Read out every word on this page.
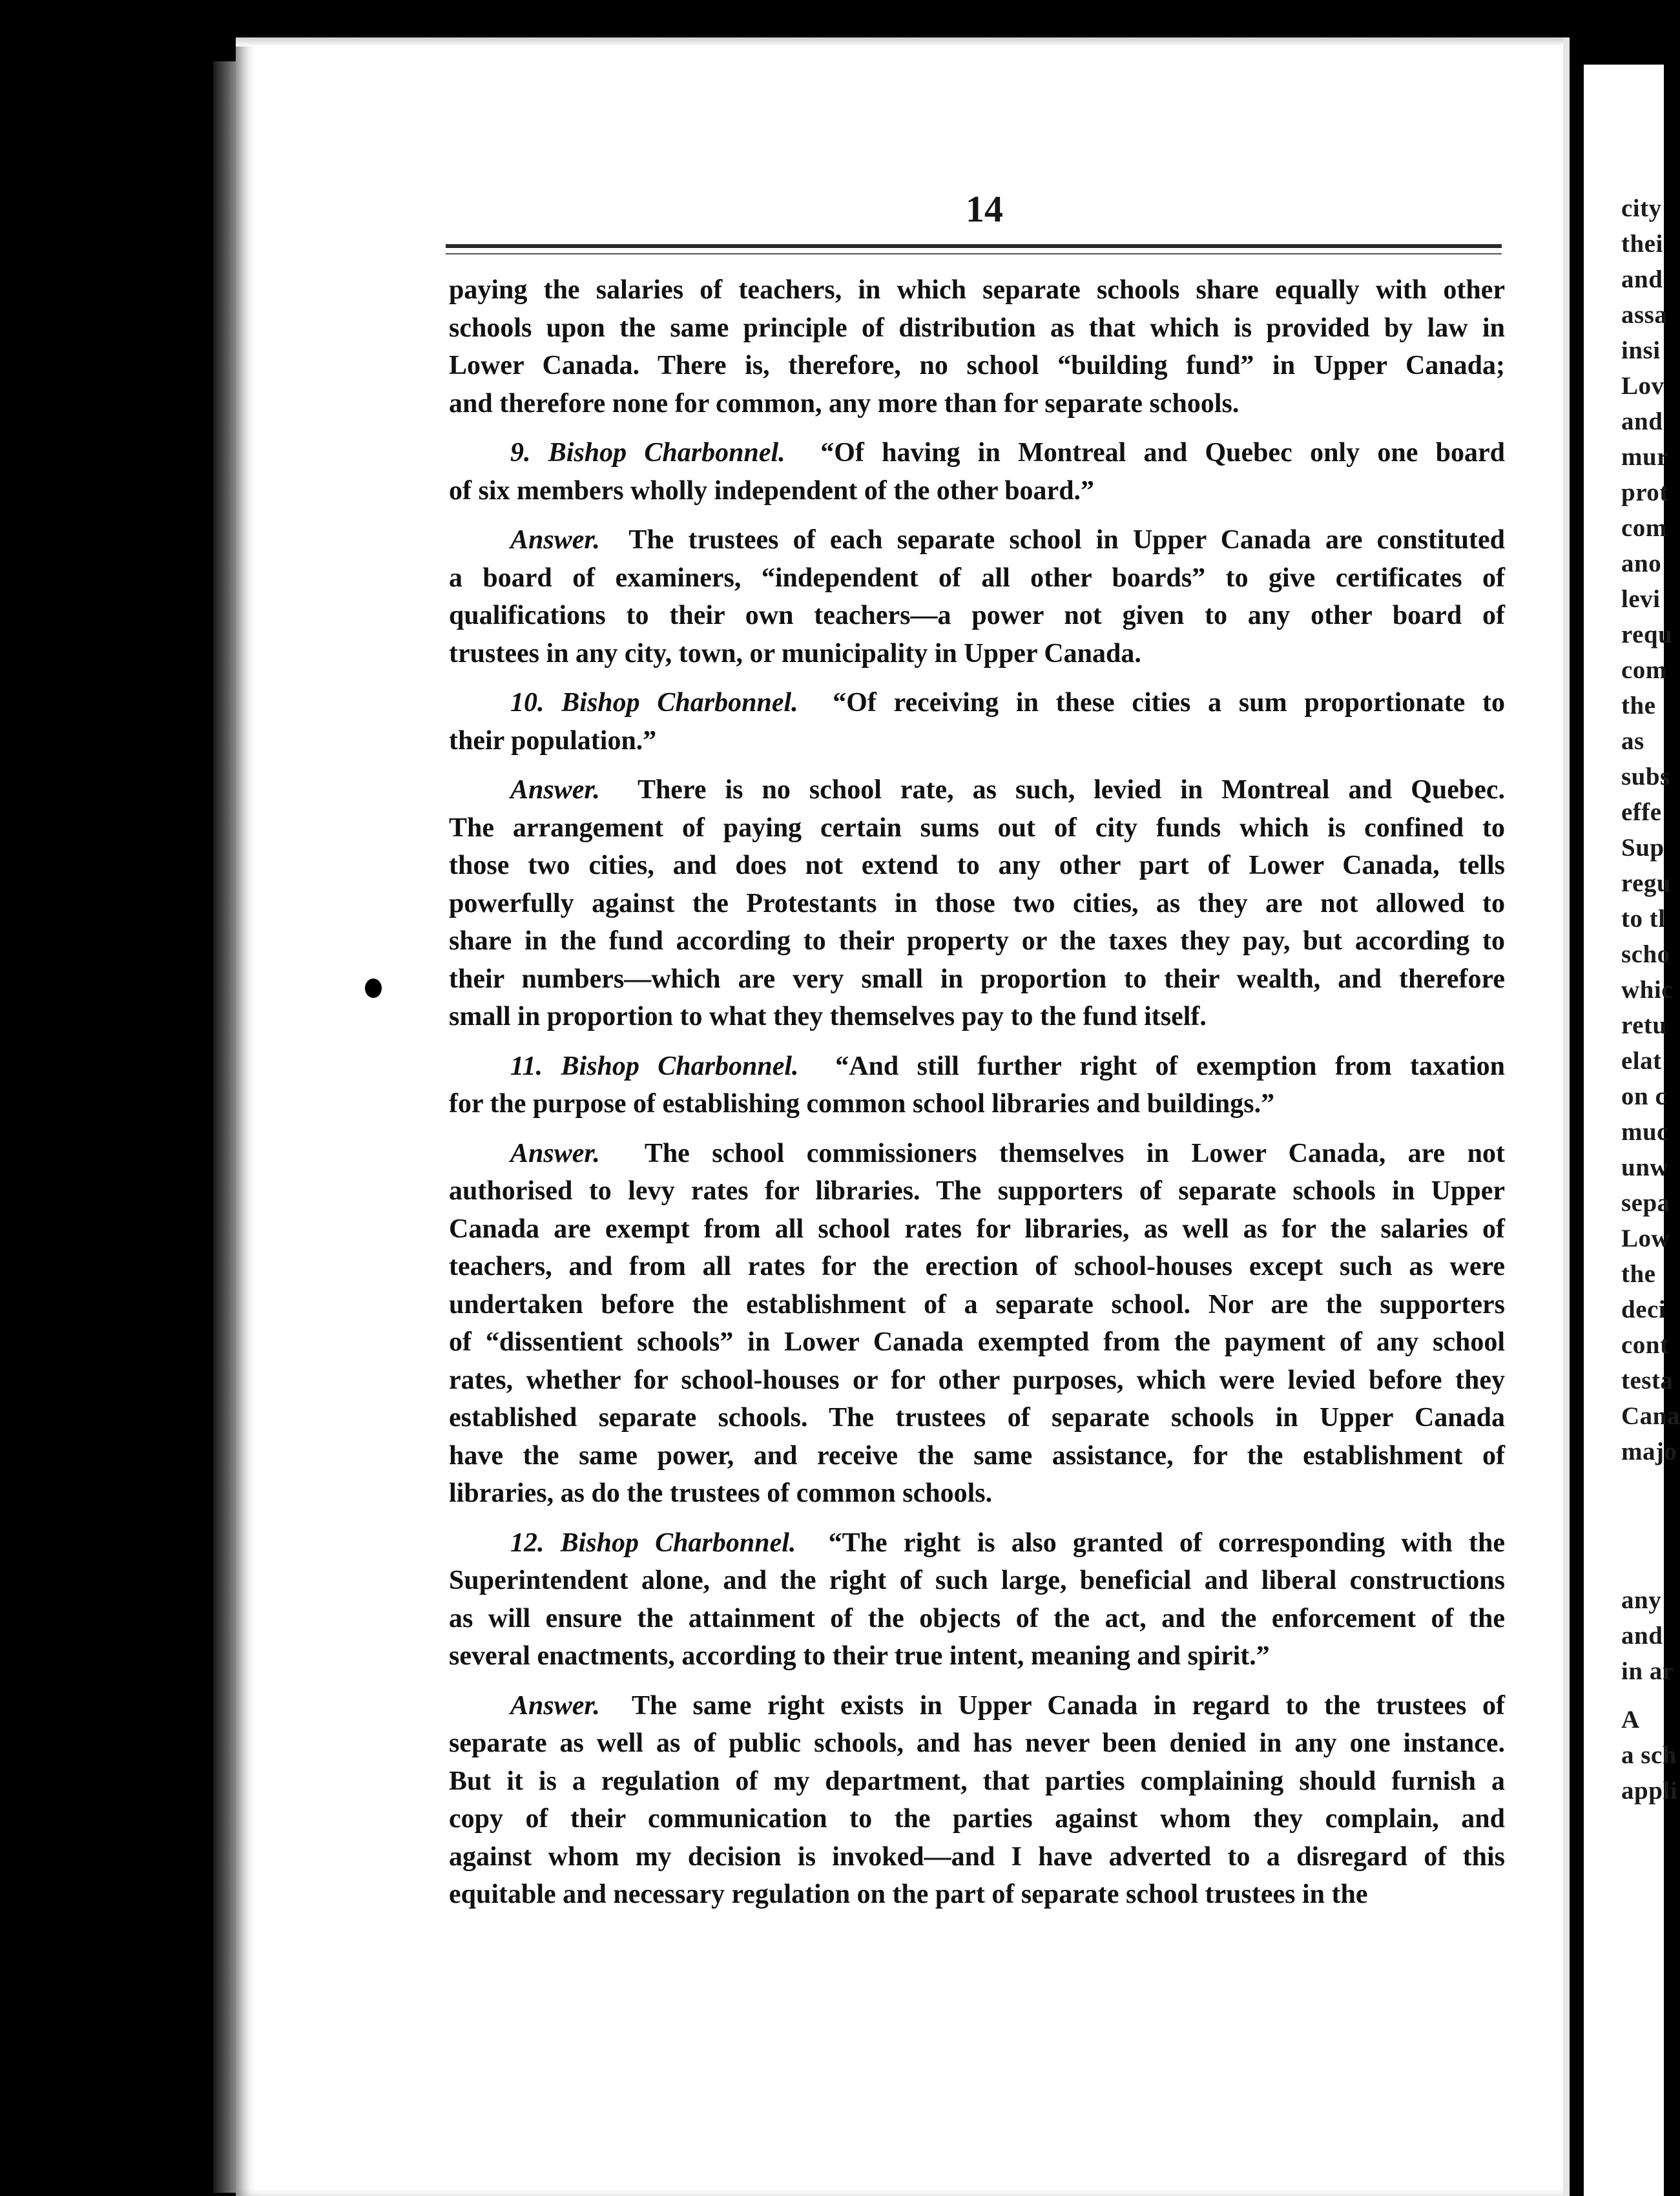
city
thei
and
assa
insi
Lov
and
mur
prot
com
ano
levi
requ
com
the
as
subs
effe
Sup
regu
to tl
scho
whic
retu
elat
on c
muc
unw
sepa
Low
the
deci
cont
testa
Cana
majo
any
and
in ar
A
a sch
appli
14

paying the salaries of teachers, in which separate schools share equally with other
schools upon the same principle of distribution as that which is provided by law in
Lower Canada. There is, therefore, no school “building fund” in Upper Canada;
and therefore none for common, any more than for separate schools.

9. Bishop Charbonnel. “Of having in Montreal and Quebec only one board
of six members wholly independent of the other board.”

Answer. The trustees of each separate school in Upper Canada are constituted
a board of examiners, “independent of all other boards” to give certificates of
qualifications to their own teachers—a power not given to any other board of
trustees in any city, town, or municipality in Upper Canada.

10. Bishop Charbonnel. “Of receiving in these cities a sum proportionate to
their population.”

Answer. There is no school rate, as such, levied in Montreal and Quebec.
The arrangement of paying certain sums out of city funds which is confined to
those two cities, and does not extend to any other part of Lower Canada, tells
powerfully against the Protestants in those two cities, as they are not allowed to
share in the fund according to their property or the taxes they pay, but according to
their numbers—which are very small in proportion to their wealth, and therefore
small in proportion to what they themselves pay to the fund itself.

11. Bishop Charbonnel. “And still further right of exemption from taxation
for the purpose of establishing common school libraries and buildings.”

Answer. The school commissioners themselves in Lower Canada, are not
authorised to levy rates for libraries. The supporters of separate schools in Upper
Canada are exempt from all school rates for libraries, as well as for the salaries of
teachers, and from all rates for the erection of school-houses except such as were
undertaken before the establishment of a separate school. Nor are the supporters
of “dissentient schools” in Lower Canada exempted from the payment of any school
rates, whether for school-houses or for other purposes, which were levied before they
established separate schools. The trustees of separate schools in Upper Canada
have the same power, and receive the same assistance, for the establishment of
libraries, as do the trustees of common schools.

12. Bishop Charbonnel. “The right is also granted of corresponding with the
Superintendent alone, and the right of such large, beneficial and liberal constructions
as will ensure the attainment of the objects of the act, and the enforcement of the
several enactments, according to their true intent, meaning and spirit.”

Answer. The same right exists in Upper Canada in regard to the trustees of
separate as well as of public schools, and has never been denied in any one instance.
But it is a regulation of my department, that parties complaining should furnish a
copy of their communication to the parties against whom they complain, and
against whom my decision is invoked—and I have adverted to a disregard of this
equitable and necessary regulation on the part of separate school trustees in the
